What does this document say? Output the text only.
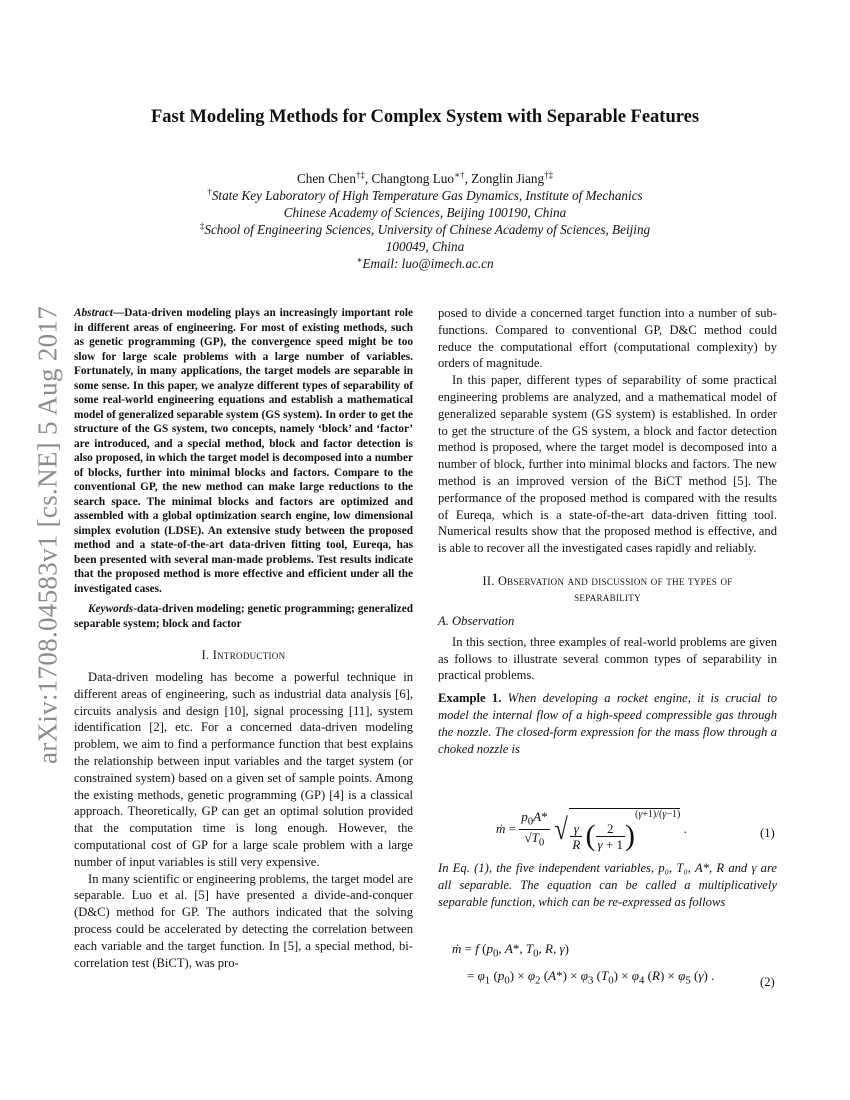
arXiv:1708.04583v1 [cs.NE] 5 Aug 2017
Fast Modeling Methods for Complex System with Separable Features
Chen Chen†‡, Changtong Luo∗†, Zonglin Jiang†‡
†State Key Laboratory of High Temperature Gas Dynamics, Institute of Mechanics
Chinese Academy of Sciences, Beijing 100190, China
‡School of Engineering Sciences, University of Chinese Academy of Sciences, Beijing
100049, China
∗Email: luo@imech.ac.cn

Abstract—Data-driven modeling plays an increasingly important role in different areas of engineering. For most of existing methods, such as genetic programming (GP), the convergence speed might be too slow for large scale problems with a large number of variables. Fortunately, in many applications, the target models are separable in some sense. In this paper, we analyze different types of separability of some real-world engineering equations and establish a mathematical model of generalized separable system (GS system). In order to get the structure of the GS system, two concepts, namely ‘block’ and ‘factor’ are introduced, and a special method, block and factor detection is also proposed, in which the target model is decomposed into a number of blocks, further into minimal blocks and factors. Compare to the conventional GP, the new method can make large reductions to the search space. The minimal blocks and factors are optimized and assembled with a global optimization search engine, low dimensional simplex evolution (LDSE). An extensive study between the proposed method and a state-of-the-art data-driven fitting tool, Eureqa, has been presented with several man-made problems. Test results indicate that the proposed method is more effective and efficient under all the investigated cases.

Keywords-data-driven modeling; genetic programming; generalized separable system; block and factor

I. Introduction

Data-driven modeling has become a powerful technique in different areas of engineering, such as industrial data analysis [6], circuits analysis and design [10], signal processing [11], system identification [2], etc. For a concerned data-driven modeling problem, we aim to find a performance function that best explains the relationship between input variables and the target system (or constrained system) based on a given set of sample points. Among the existing methods, genetic programming (GP) [4] is a classical approach. Theoretically, GP can get an optimal solution provided that the computation time is long enough. However, the computational cost of GP for a large scale problem with a large number of input variables is still very expensive.

In many scientific or engineering problems, the target model are separable. Luo et al. [5] have presented a divide-and-conquer (D&C) method for GP. The authors indicated that the solving process could be accelerated by detecting the correlation between each variable and the target function. In [5], a special method, bi-correlation test (BiCT), was pro-

posed to divide a concerned target function into a number of sub-functions. Compared to conventional GP, D&C method could reduce the computational effort (computational complexity) by orders of magnitude.

In this paper, different types of separability of some practical engineering problems are analyzed, and a mathematical model of generalized separable system (GS system) is established. In order to get the structure of the GS system, a block and factor detection method is proposed, where the target model is decomposed into a number of block, further into minimal blocks and factors. The new method is an improved version of the BiCT method [5]. The performance of the proposed method is compared with the results of Eureqa, which is a state-of-the-art data-driven fitting tool. Numerical results show that the proposed method is effective, and is able to recover all the investigated cases rapidly and reliably.

II. Observation and discussion of the types of
separability
A. Observation

In this section, three examples of real-world problems are given as follows to illustrate several common types of separability in practical problems.

Example 1. When developing a rocket engine, it is crucial to model the internal flow of a high-speed compressible gas through the nozzle. The closed-form expression for the mass flow through a choked nozzle is

ṁ = $\frac{p_0A*}{√T_0}$ √ $\frac{\gamma}{R}$ ( $\frac{2}{\gamma + 1} )(\gamma+1)/(\gamma-1)$ .	(1)

In Eq. (1), the five independent variables, p₀, T₀, A*, R and γ are all separable. The equation can be called a multiplicatively separable function, which can be re-expressed as follows

ṁ = f ($p_0$, A*, $T_0$, R, γ)
= $\varphi_1$ $(p_0) \times \varphi_2$ $(A*) \times \varphi_3$ $(T_0) \times \varphi_4$ $(R) \times \varphi_5$ (γ) .	(2)
